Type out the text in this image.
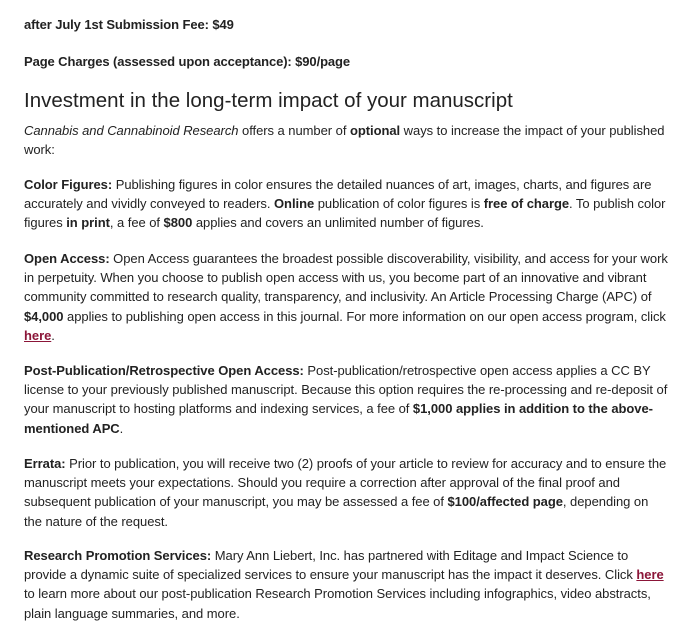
after July 1st Submission Fee: $49
Page Charges (assessed upon acceptance): $90/page
Investment in the long-term impact of your manuscript

Cannabis and Cannabinoid Research offers a number of optional ways to increase the impact of your published work:

Color Figures: Publishing figures in color ensures the detailed nuances of art, images, charts, and figures are accurately and vividly conveyed to readers. Online publication of color figures is free of charge. To publish color figures in print, a fee of $800 applies and covers an unlimited number of figures.

Open Access: Open Access guarantees the broadest possible discoverability, visibility, and access for your work in perpetuity. When you choose to publish open access with us, you become part of an innovative and vibrant community committed to research quality, transparency, and inclusivity. An Article Processing Charge (APC) of $4,000 applies to publishing open access in this journal. For more information on our open access program, click here.

Post-Publication/Retrospective Open Access: Post-publication/retrospective open access applies a CC BY license to your previously published manuscript. Because this option requires the re-processing and re-deposit of your manuscript to hosting platforms and indexing services, a fee of $1,000 applies in addition to the above-mentioned APC.

Errata: Prior to publication, you will receive two (2) proofs of your article to review for accuracy and to ensure the manuscript meets your expectations. Should you require a correction after approval of the final proof and subsequent publication of your manuscript, you may be assessed a fee of $100/affected page, depending on the nature of the request.

Research Promotion Services: Mary Ann Liebert, Inc. has partnered with Editage and Impact Science to provide a dynamic suite of specialized services to ensure your manuscript has the impact it deserves. Click here to learn more about our post-publication Research Promotion Services including infographics, video abstracts, plain language summaries, and more.
